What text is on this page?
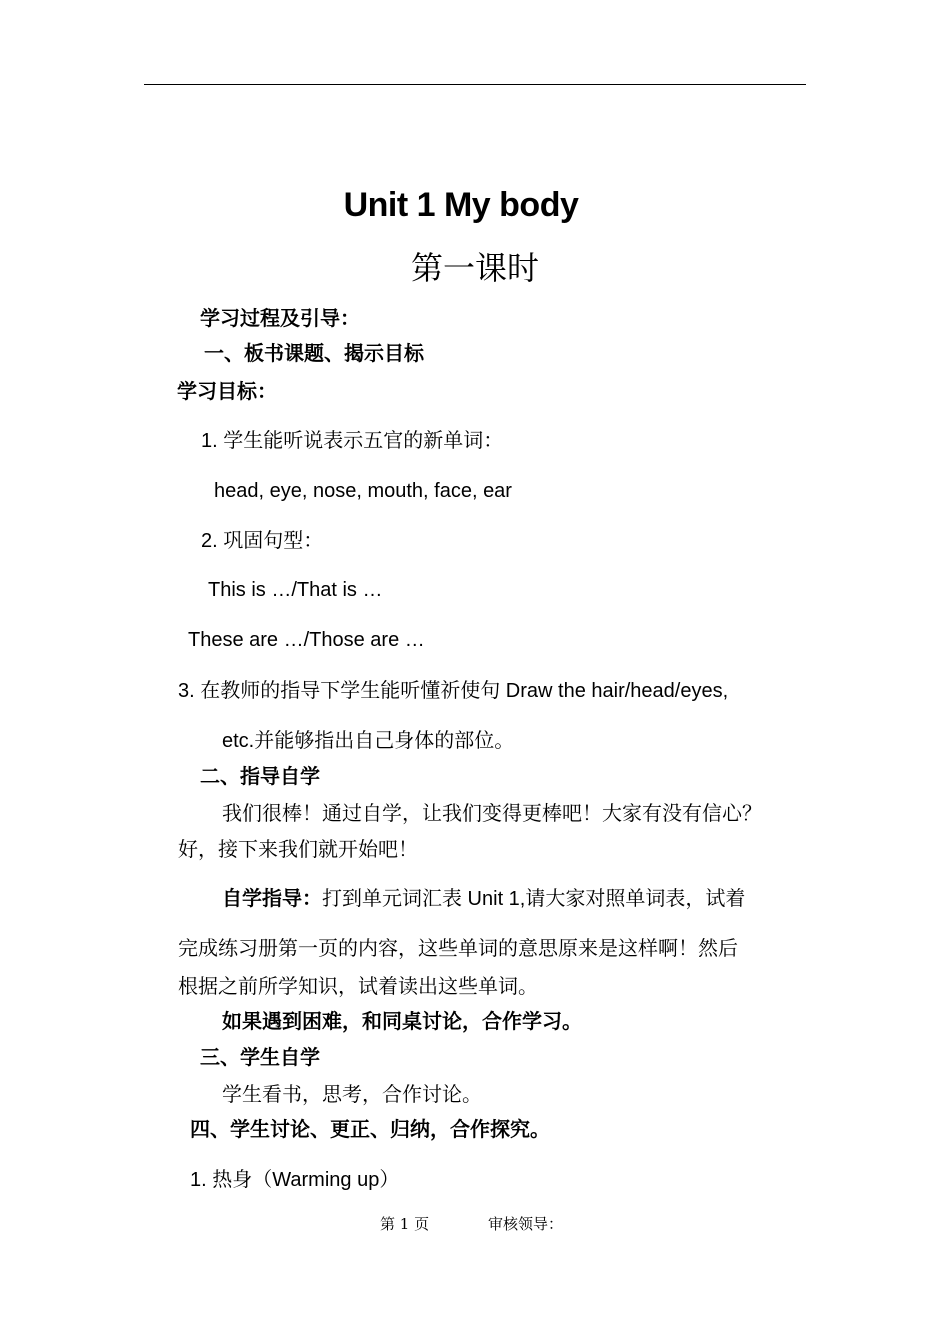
Unit 1 My body
第一课时
学习过程及引导：
一、板书课题、揭示目标
学习目标：
1. 学生能听说表示五官的新单词：
head, eye, nose, mouth, face, ear
2. 巩固句型：
This is …/That is …
These are …/Those are …
3. 在教师的指导下学生能听懂祈使句 Draw the hair/head/eyes,
etc.并能够指出自己身体的部位。
二、指导自学
我们很棒！通过自学，让我们变得更棒吧！大家有没有信心？
好，接下来我们就开始吧！
自学指导：打到单元词汇表 Unit 1,请大家对照单词表，试着
完成练习册第一页的内容，这些单词的意思原来是这样啊！然后
根据之前所学知识，试着读出这些单词。
如果遇到困难，和同桌讨论，合作学习。
三、学生自学
学生看书，思考，合作讨论。
四、学生讨论、更正、归纳，合作探究。
1. 热身（Warming up）
第 1 页	审核领导：
